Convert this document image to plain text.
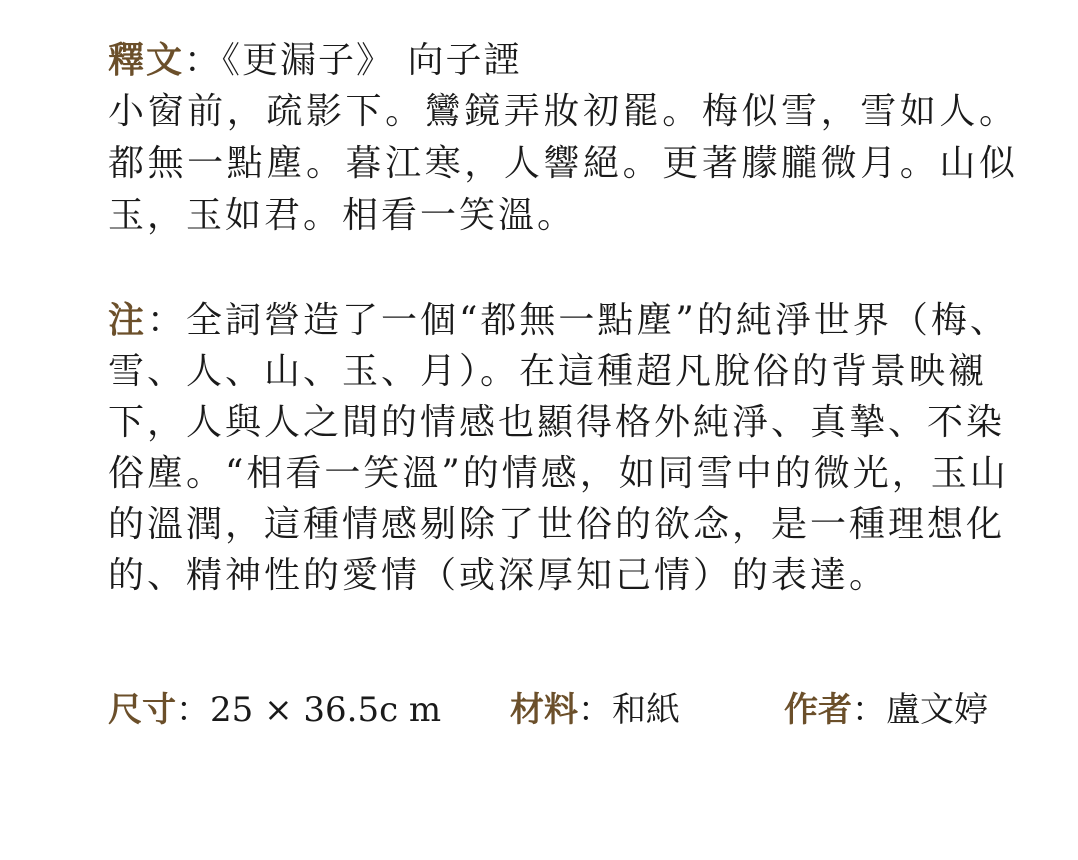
釋文：《更漏子》 向子諲

小窗前，疏影下。鸞鏡弄妝初罷。梅似雪，雪如人。都無一點塵。暮江寒，人響絕。更著朦朧微月。山似玉，玉如君。相看一笑溫。

注：全詞營造了一個“都無一點塵”的純淨世界（梅、雪、人、山、玉、月）。在這種超凡脫俗的背景映襯下，人與人之間的情感也顯得格外純淨、真摯、不染俗塵。“相看一笑溫”的情感，如同雪中的微光，玉山的溫潤，這種情感剔除了世俗的欲念，是一種理想化的、精神性的愛情（或深厚知己情）的表達。

尺寸：25 × 36.5c m 材料：和紙	作者：盧文婷
